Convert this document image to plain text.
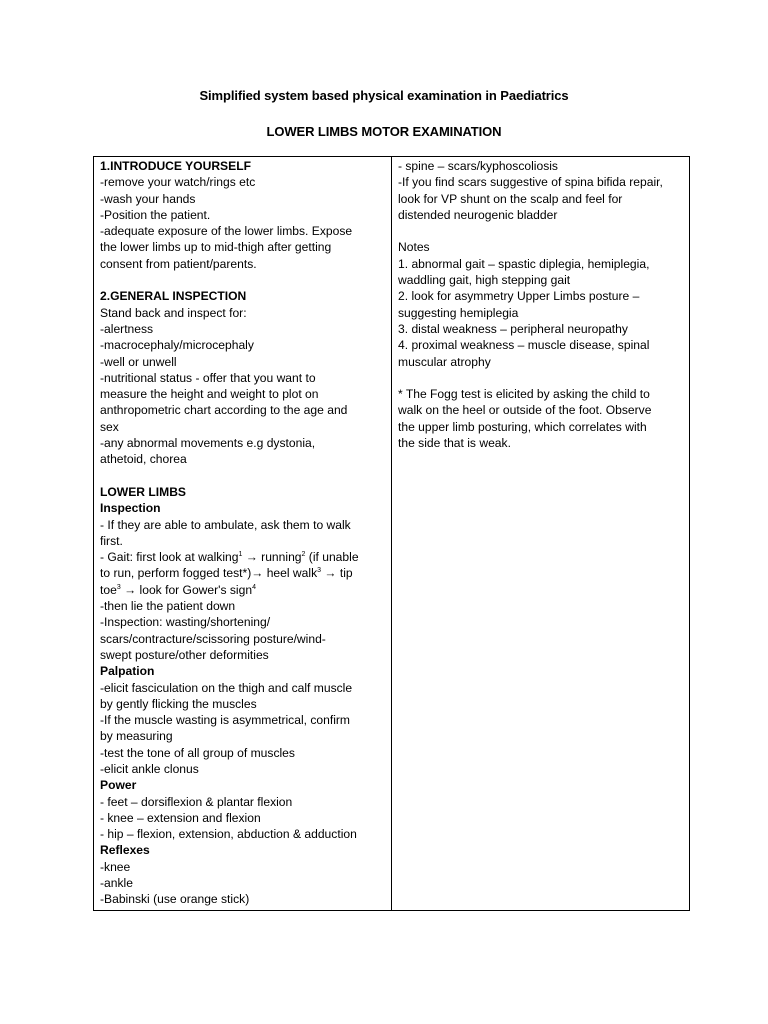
Simplified system based physical examination in Paediatrics
LOWER LIMBS MOTOR EXAMINATION
1.INTRODUCE YOURSELF
-remove your watch/rings etc
-wash your hands
-Position the patient.
-adequate exposure of the lower limbs. Expose
the lower limbs up to mid-thigh after getting
consent from patient/parents.
2.GENERAL INSPECTION
Stand back and inspect for:
-alertness
-macrocephaly/microcephaly
-well or unwell
-nutritional status - offer that you want to
measure the height and weight to plot on
anthropometric chart according to the age and
sex
-any abnormal movements e.g dystonia,
athetoid, chorea
LOWER LIMBS
Inspection
- If they are able to ambulate, ask them to walk
first.
- Gait: first look at walking$^1$ → running$^2$ (if unable
to run, perform fogged test*)→ heel walk$^3$ → tip
toe$^3$ → look for Gower's sign$^4$
-then lie the patient down
-Inspection: wasting/shortening/
scars/contracture/scissoring posture/wind-
swept posture/other deformities
Palpation
-elicit fasciculation on the thigh and calf muscle
by gently flicking the muscles
-If the muscle wasting is asymmetrical, confirm
by measuring
-test the tone of all group of muscles
-elicit ankle clonus
Power
- feet – dorsiflexion & plantar flexion
- knee – extension and flexion
- hip – flexion, extension, abduction & adduction
Reflexes
-knee
-ankle
-Babinski (use orange stick)

- spine – scars/kyphoscoliosis
-If you find scars suggestive of spina bifida repair,
look for VP shunt on the scalp and feel for
distended neurogenic bladder
Notes
1. abnormal gait – spastic diplegia, hemiplegia,
waddling gait, high stepping gait
2. look for asymmetry Upper Limbs posture –
suggesting hemiplegia
3. distal weakness – peripheral neuropathy
4. proximal weakness – muscle disease, spinal
muscular atrophy
* The Fogg test is elicited by asking the child to
walk on the heel or outside of the foot. Observe
the upper limb posturing, which correlates with
the side that is weak.
